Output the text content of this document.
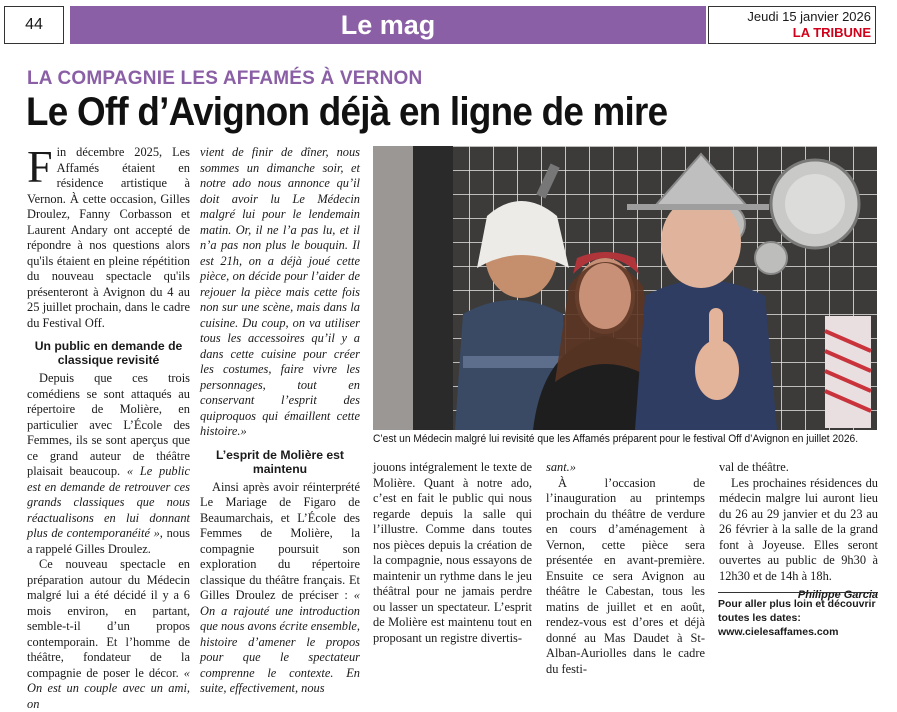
44	Le mag	Jeudi 15 janvier 2026
LA TRIBUNE
LA COMPAGNIE LES AFFAMÉS À VERNON
Le Off d’Avignon déjà en ligne de mire
F in décembre 2025, Les Affamés étaient en résidence artistique à Vernon. À cette occasion, Gilles Droulez, Fanny Corbasson et Laurent Andary ont accepté de répondre à nos questions alors qu'ils étaient en pleine répétition du nouveau spectacle qu'ils présenteront à Avignon du 4 au 25 juillet prochain, dans le cadre du Festival Off.

Un public en demande de classique revisité

Depuis que ces trois comédiens se sont attaqués au répertoire de Molière, en particulier avec L’École des Femmes, ils se sont aperçus que ce grand auteur de théâtre plaisait beaucoup. « Le public est en demande de retrouver ces grands classiques que nous réactualisons en lui donnant plus de contemporanéité », nous a rappelé Gilles Droulez.

Ce nouveau spectacle en préparation autour du Médecin malgré lui a été décidé il y a 6 mois environ, en partant, semble-t-il d’un propos contemporain. Et l’homme de théâtre, fondateur de la compagnie de poser le décor. « On est un couple avec un ami, on

vient de finir de dîner, nous sommes un dimanche soir, et notre ado nous annonce qu’il doit avoir lu Le Médecin malgré lui pour le lendemain matin. Or, il ne l’a pas lu, et il n’a pas non plus le bouquin. Il est 21h, on a déjà joué cette pièce, on décide pour l’aider de rejouer la pièce mais cette fois non sur une scène, mais dans la cuisine. Du coup, on va utiliser tous les accessoires qu’il y a dans cette cuisine pour créer les costumes, faire vivre les personnages, tout en conservant l’esprit des quiproquos qui émaillent cette histoire.»

L’esprit de Molière est maintenu

Ainsi après avoir réinterprété Le Mariage de Figaro de Beaumarchais, et L’École des Femmes de Molière, la compagnie poursuit son exploration du répertoire classique du théâtre français. Et Gilles Droulez de préciser : « On a rajouté une introduction que nous avons écrite ensemble, histoire d’amener le propos pour que le spectateur comprenne le contexte. En suite, effectivement, nous

C’est un Médecin malgré lui revisité que les Affamés préparent pour le festival Off d’Avignon en juillet 2026.

jouons intégralement le texte de Molière. Quant à notre ado, c’est en fait le public qui nous regarde depuis la salle qui l’illustre. Comme dans toutes nos pièces depuis la création de la compagnie, nous essayons de maintenir un rythme dans le jeu théâtral pour ne jamais perdre ou lasser un spectateur. L’esprit de Molière est maintenu tout en proposant un registre divertis-

sant.»

À l’occasion de l’inauguration au printemps prochain du théâtre de verdure en cours d’aménagement à Vernon, cette pièce sera présentée en avant-première. Ensuite ce sera Avignon au théâtre le Cabestan, tous les matins de juillet et en août, rendez-vous est d’ores et déjà donné au Mas Daudet à St-Alban-Auriolles dans le cadre du festi-

val de théâtre.

Les prochaines résidences du médecin malgre lui auront lieu du 26 au 29 janvier et du 23 au 26 février à la salle de la grand font à Joyeuse. Elles seront ouvertes au public de 9h30 à 12h30 et de 14h à 18h.

Philippe Garcia
Pour aller plus loin et découvrir
toutes les dates:
www.cielesaffames.com
